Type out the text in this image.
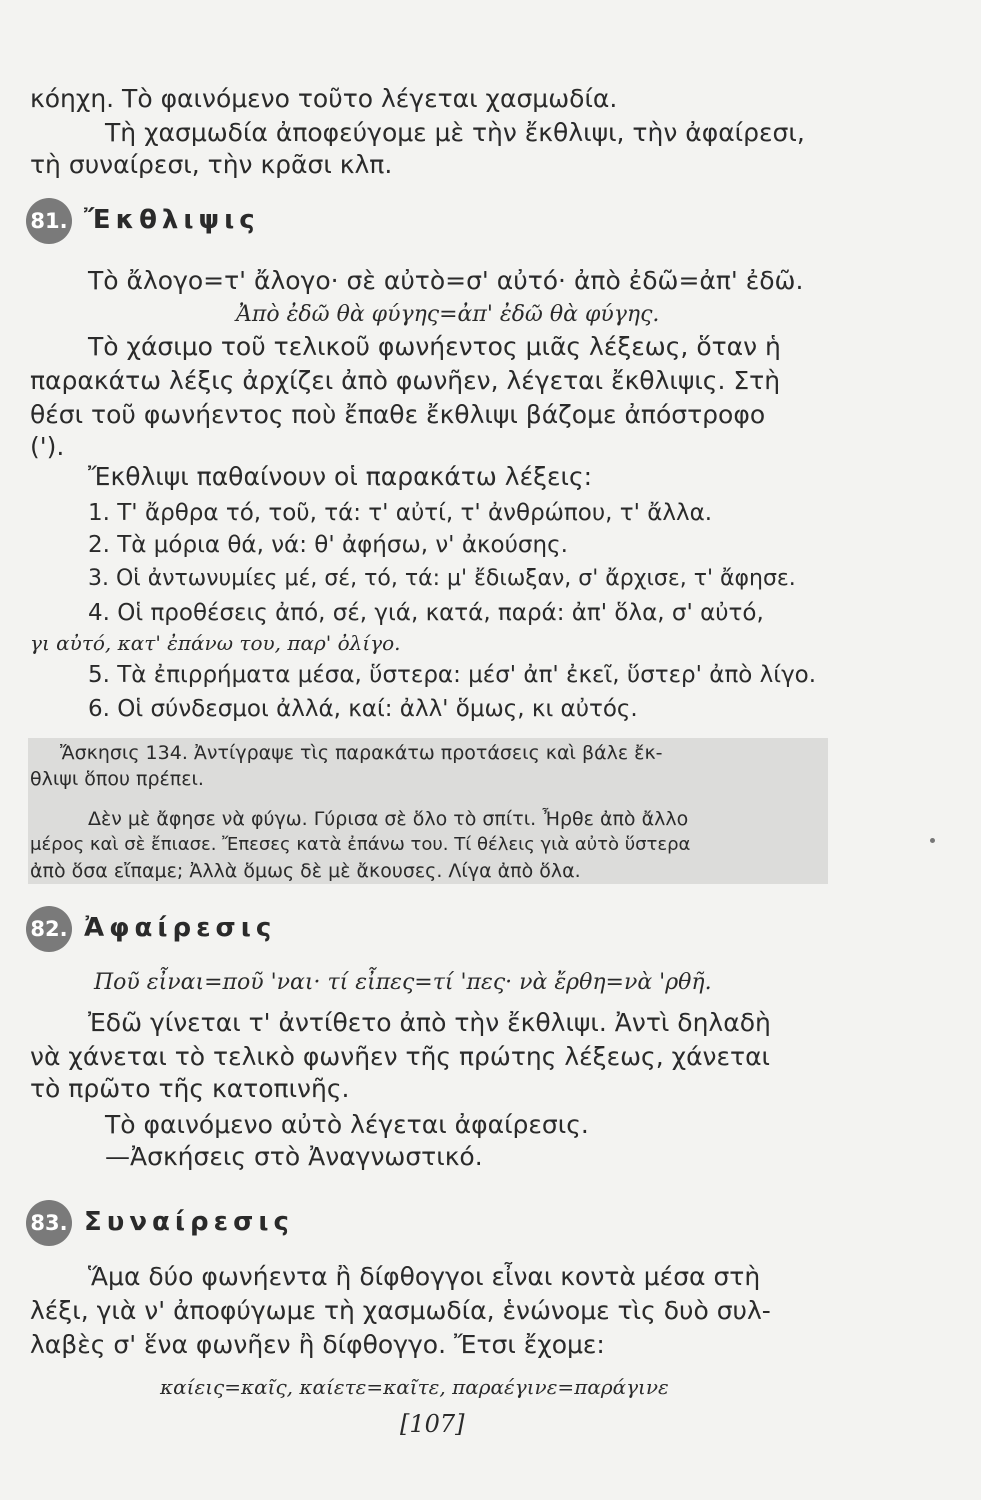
κόηχη. Τὸ φαινόμενο τοῦτο λέγεται χασμωδία.
Τὴ χασμωδία ἀποφεύγομε μὲ τὴν ἔκθλιψι, τὴν ἀφαίρεσι,
τὴ συναίρεσι, τὴν κρᾶσι κλπ.
81. Ἔκθλιψις
Τὸ ἄλογο=τ' ἄλογο· σὲ αὐτὸ=σ' αὐτό· ἀπὸ ἐδῶ=ἀπ' ἐδῶ.
Ἀπὸ ἐδῶ θὰ φύγης=ἀπ' ἐδῶ θὰ φύγης.
Τὸ χάσιμο τοῦ τελικοῦ φωνήεντος μιᾶς λέξεως, ὅταν ἡ
παρακάτω λέξις ἀρχίζει ἀπὸ φωνῆεν, λέγεται ἔκθλιψις. Στὴ
θέσι τοῦ φωνήεντος ποὺ ἔπαθε ἔκθλιψι βάζομε ἀπόστροφο
(').
Ἔκθλιψι παθαίνουν οἱ παρακάτω λέξεις:
1. Τ' ἄρθρα τό, τοῦ, τά: τ' αὐτί, τ' ἀνθρώπου, τ' ἄλλα.
2. Τὰ μόρια θά, νά: θ' ἀφήσω, ν' ἀκούσης.
3. Οἱ ἀντωνυμίες μέ, σέ, τό, τά: μ' ἔδιωξαν, σ' ἄρχισε, τ' ἄφησε.
4. Οἱ προθέσεις ἀπό, σέ, γιά, κατά, παρά: ἀπ' ὅλα, σ' αὐτό,
γι αὐτό, κατ' ἐπάνω του, παρ' ὀλίγο.
5. Τὰ ἐπιρρήματα μέσα, ὕστερα: μέσ' ἀπ' ἐκεῖ, ὕστερ' ἀπὸ λίγο.
6. Οἱ σύνδεσμοι ἀλλά, καί: ἀλλ' ὅμως, κι αὐτός.
Ἄσκησις 134. Ἀντίγραψε τὶς παρακάτω προτάσεις καὶ βάλε ἔκ-
θλιψι ὅπου πρέπει.
Δὲν μὲ ἄφησε νὰ φύγω. Γύρισα σὲ ὅλο τὸ σπίτι. Ἦρθε ἀπὸ ἄλλο
μέρος καὶ σὲ ἔπιασε. Ἔπεσες κατὰ ἐπάνω του. Τί θέλεις γιὰ αὐτὸ ὕστερα
ἀπὸ ὅσα εἴπαμε; Ἀλλὰ ὅμως δὲ μὲ ἄκουσες. Λίγα ἀπὸ ὅλα.
82. Ἀφαίρεσις
Ποῦ εἶναι=ποῦ 'ναι· τί εἶπες=τί 'πες· νὰ ἔρθη=νὰ 'ρθῆ.
Ἐδῶ γίνεται τ' ἀντίθετο ἀπὸ τὴν ἔκθλιψι. Ἀντὶ δηλαδὴ
νὰ χάνεται τὸ τελικὸ φωνῆεν τῆς πρώτης λέξεως, χάνεται
τὸ πρῶτο τῆς κατοπινῆς.
Τὸ φαινόμενο αὐτὸ λέγεται ἀφαίρεσις.
—Ἀσκήσεις στὸ Ἀναγνωστικό.
83. Συναίρεσις
Ἅμα δύο φωνήεντα ἢ δίφθογγοι εἶναι κοντὰ μέσα στὴ
λέξι, γιὰ ν' ἀποφύγωμε τὴ χασμωδία, ἑνώνομε τὶς δυὸ συλ-
λαβὲς σ' ἕνα φωνῆεν ἢ δίφθογγο. Ἔτσι ἔχομε:
καίεις=καῖς, καίετε=καῖτε, παραέγινε=παράγινε
[107]
